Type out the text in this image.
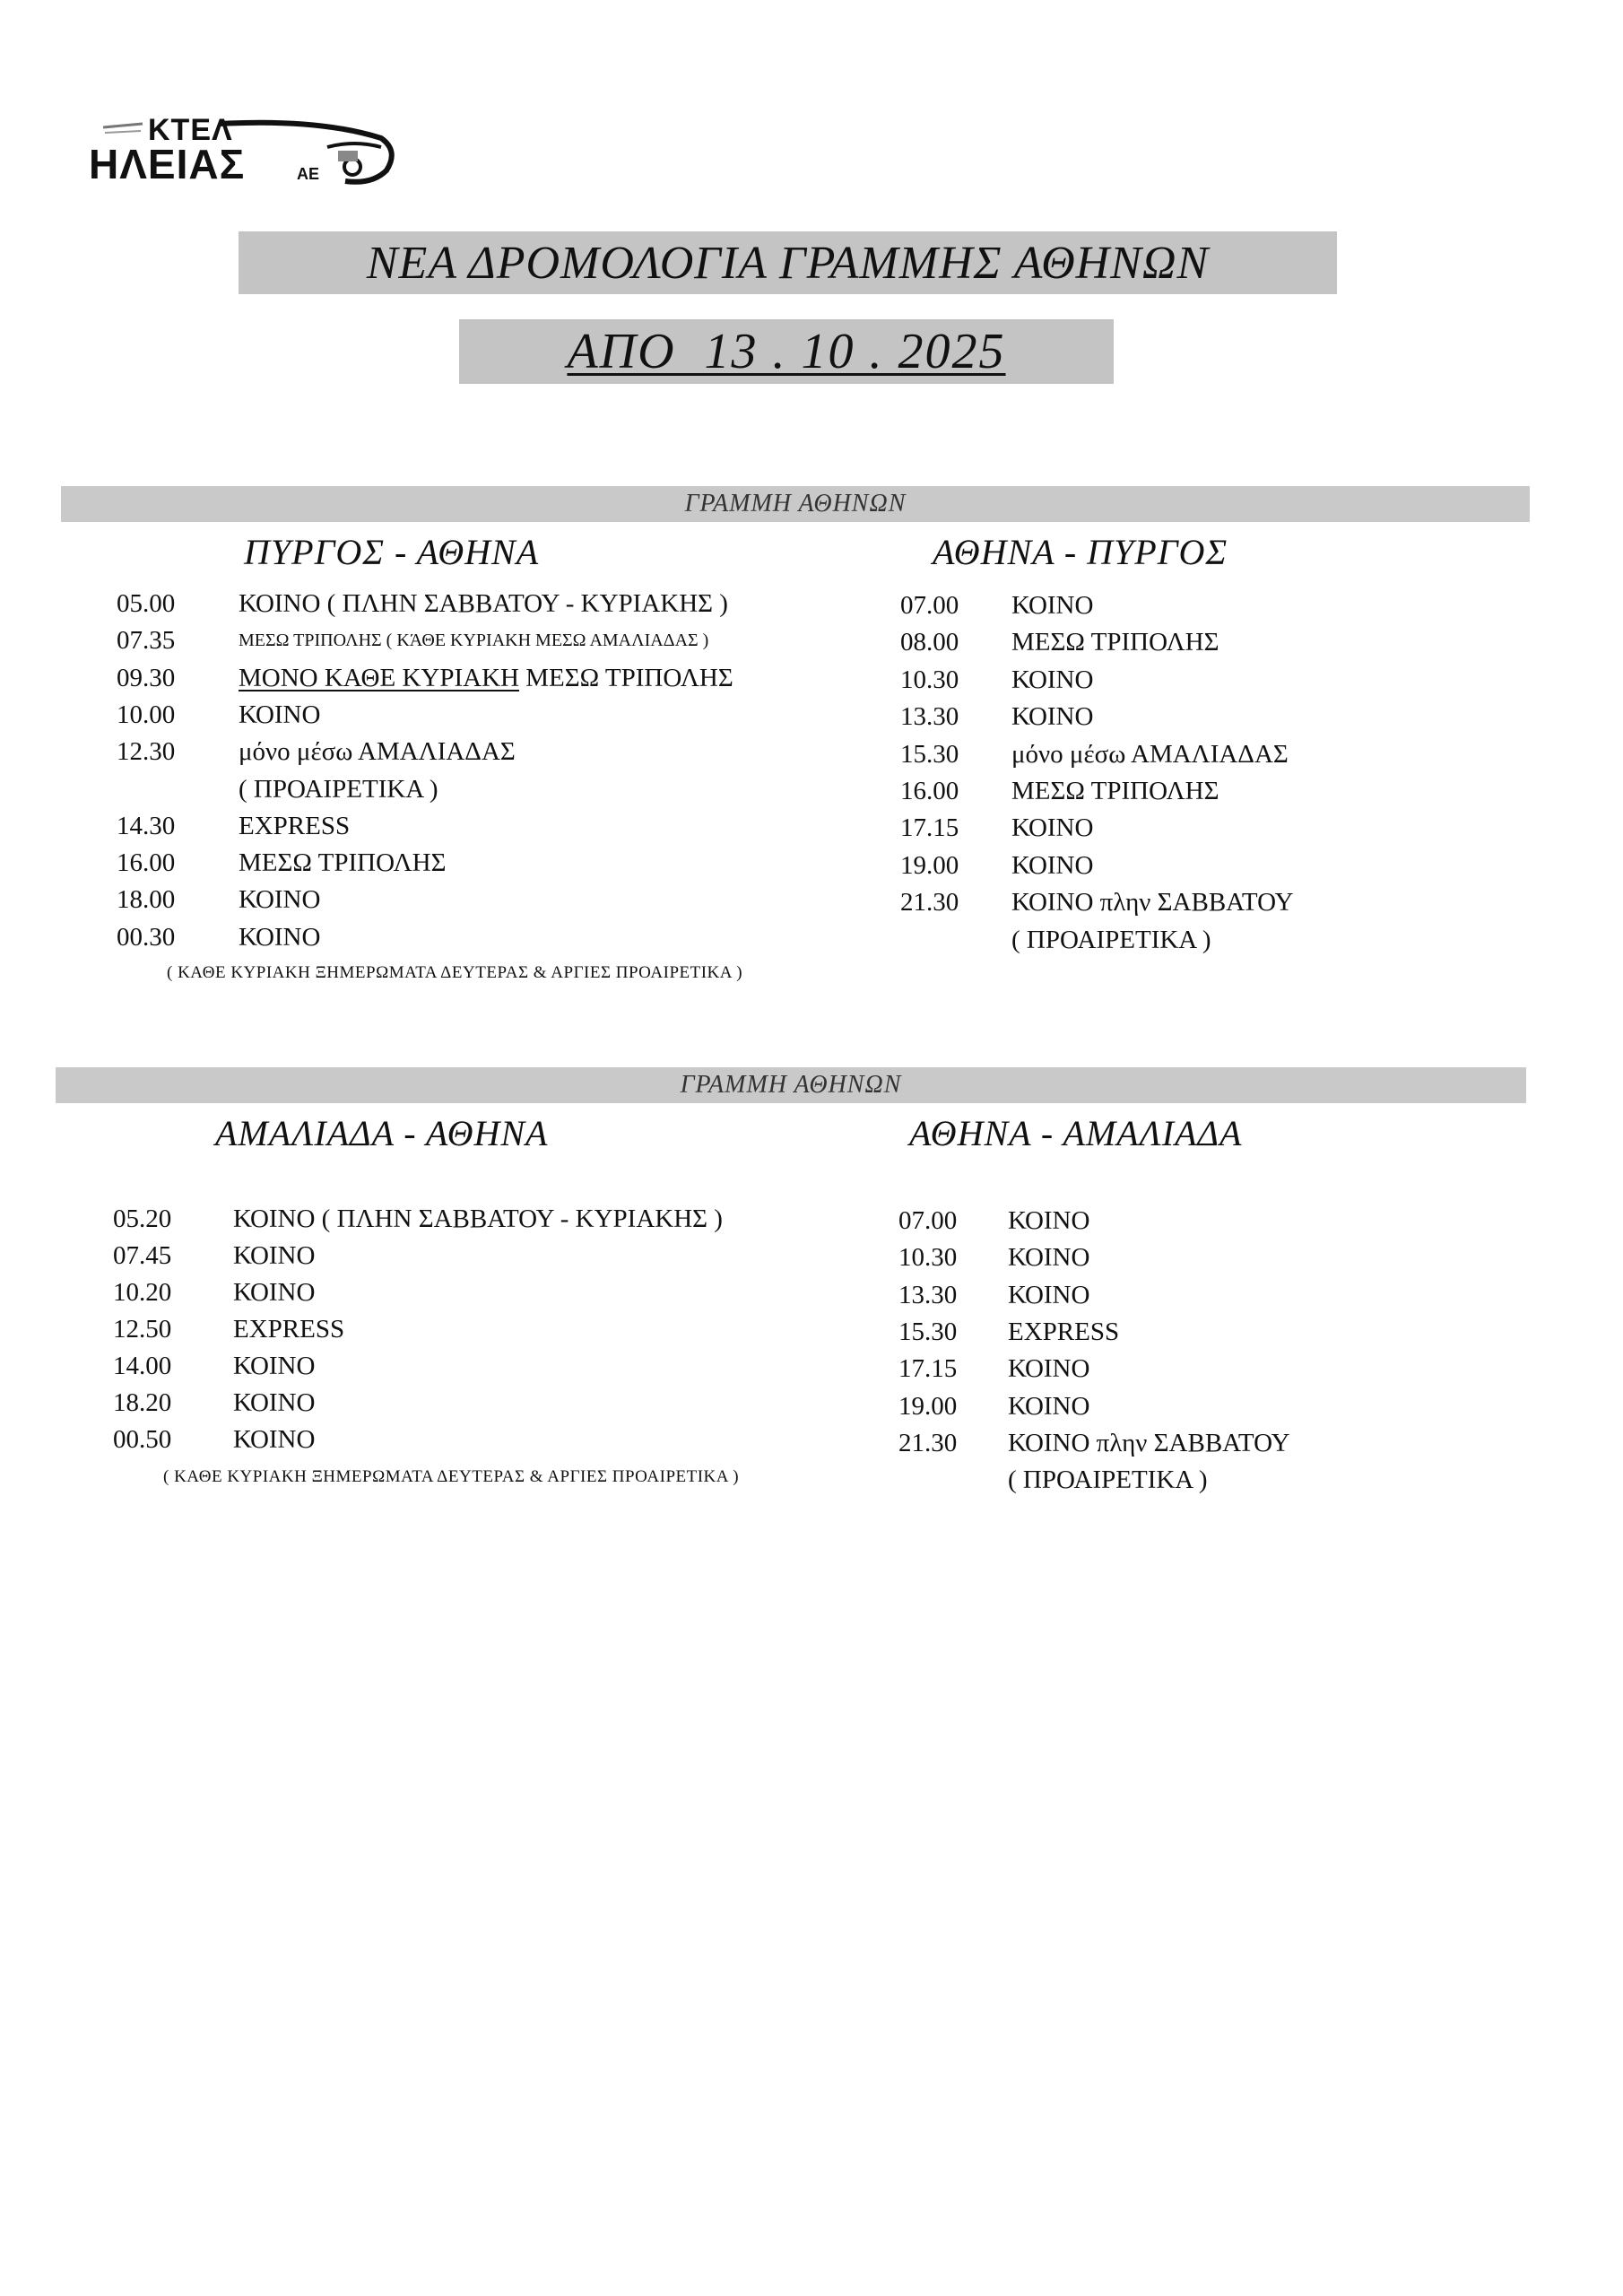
ΚΤΕΛ
ΗΛΕΙΑΣ	ΑΕ
ΝΕΑ ΔΡΟΜΟΛΟΓΙΑ ΓΡΑΜΜΗΣ ΑΘΗΝΩΝ
ΑΠΟ  13 . 10 . 2025
ΓΡΑΜΜΗ ΑΘΗΝΩΝ
ΠΥΡΓΟΣ - ΑΘΗΝΑ	ΑΘΗΝΑ - ΠΥΡΓΟΣ
05.00 ΚΟΙΝΟ ( ΠΛΗΝ ΣΑΒΒΑΤΟΥ - ΚΥΡΙΑΚΗΣ )
07.35	ΜΕΣΩ ΤΡΙΠΟΛΗΣ ( ΚΆΘΕ ΚΥΡΙΑΚΗ ΜΕΣΩ ΑΜΑΛΙΑΔΑΣ )
09.30 ΜΟΝΟ ΚΑΘΕ ΚΥΡΙΑΚΗ ΜΕΣΩ ΤΡΙΠΟΛΗΣ
10.00 ΚΟΙΝΟ
12.30 μόνο μέσω ΑΜΑΛΙΑΔΑΣ
( ΠΡΟΑΙΡΕΤΙΚΑ )
14.30 EXPRESS
16.00 ΜΕΣΩ ΤΡΙΠΟΛΗΣ
18.00 ΚΟΙΝΟ
00.30 ΚΟΙΝΟ
07.00 ΚΟΙΝΟ
08.00 ΜΕΣΩ ΤΡΙΠΟΛΗΣ
10.30 ΚΟΙΝΟ
13.30 ΚΟΙΝΟ
15.30 μόνο μέσω ΑΜΑΛΙΑΔΑΣ
16.00 ΜΕΣΩ ΤΡΙΠΟΛΗΣ
17.15 ΚΟΙΝΟ
19.00 ΚΟΙΝΟ
21.30 ΚΟΙΝΟ πλην ΣΑΒΒΑΤΟΥ
( ΠΡΟΑΙΡΕΤΙΚΑ )
( ΚΑΘΕ ΚΥΡΙΑΚΗ ΞΗΜΕΡΩΜΑΤΑ ΔΕΥΤΕΡΑΣ & ΑΡΓΙΕΣ ΠΡΟΑΙΡΕΤΙΚΑ )
ΓΡΑΜΜΗ ΑΘΗΝΩΝ
ΑΜΑΛΙΑΔΑ - ΑΘΗΝΑ	ΑΘΗΝΑ - ΑΜΑΛΙΑΔΑ
05.20 ΚΟΙΝΟ ( ΠΛΗΝ ΣΑΒΒΑΤΟΥ - ΚΥΡΙΑΚΗΣ )
07.45 ΚΟΙΝΟ
10.20 ΚΟΙΝΟ
12.50 EXPRESS
14.00 ΚΟΙΝΟ
18.20 ΚΟΙΝΟ
00.50 ΚΟΙΝΟ
07.00 ΚΟΙΝΟ
10.30 ΚΟΙΝΟ
13.30 ΚΟΙΝΟ
15.30 EXPRESS
17.15 ΚΟΙΝΟ
19.00 ΚΟΙΝΟ
21.30 ΚΟΙΝΟ πλην ΣΑΒΒΑΤΟΥ
( ΠΡΟΑΙΡΕΤΙΚΑ )
( ΚΑΘΕ ΚΥΡΙΑΚΗ ΞΗΜΕΡΩΜΑΤΑ ΔΕΥΤΕΡΑΣ & ΑΡΓΙΕΣ ΠΡΟΑΙΡΕΤΙΚΑ )
